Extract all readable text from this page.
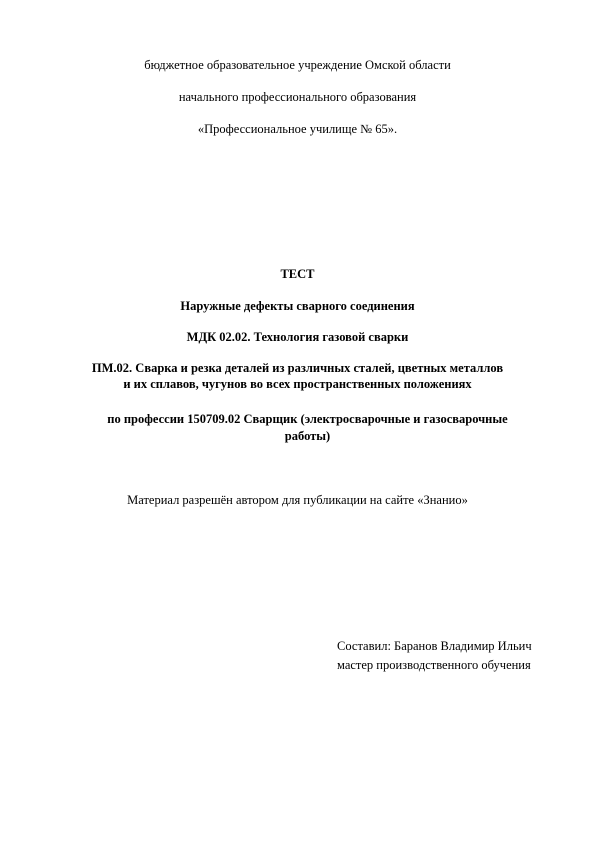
бюджетное образовательное учреждение Омской области
начального профессионального образования
«Профессиональное училище № 65».
ТЕСТ
Наружные дефекты сварного соединения
МДК 02.02. Технология газовой сварки
ПМ.02. Сварка и резка деталей из различных сталей, цветных металлов
и их сплавов, чугунов во всех пространственных положениях
по профессии 150709.02 Сварщик (электросварочные и газосварочные
работы)
Материал разрешён автором для публикации на сайте «Знанио»
Составил: Баранов Владимир Ильич
мастер производственного обучения
